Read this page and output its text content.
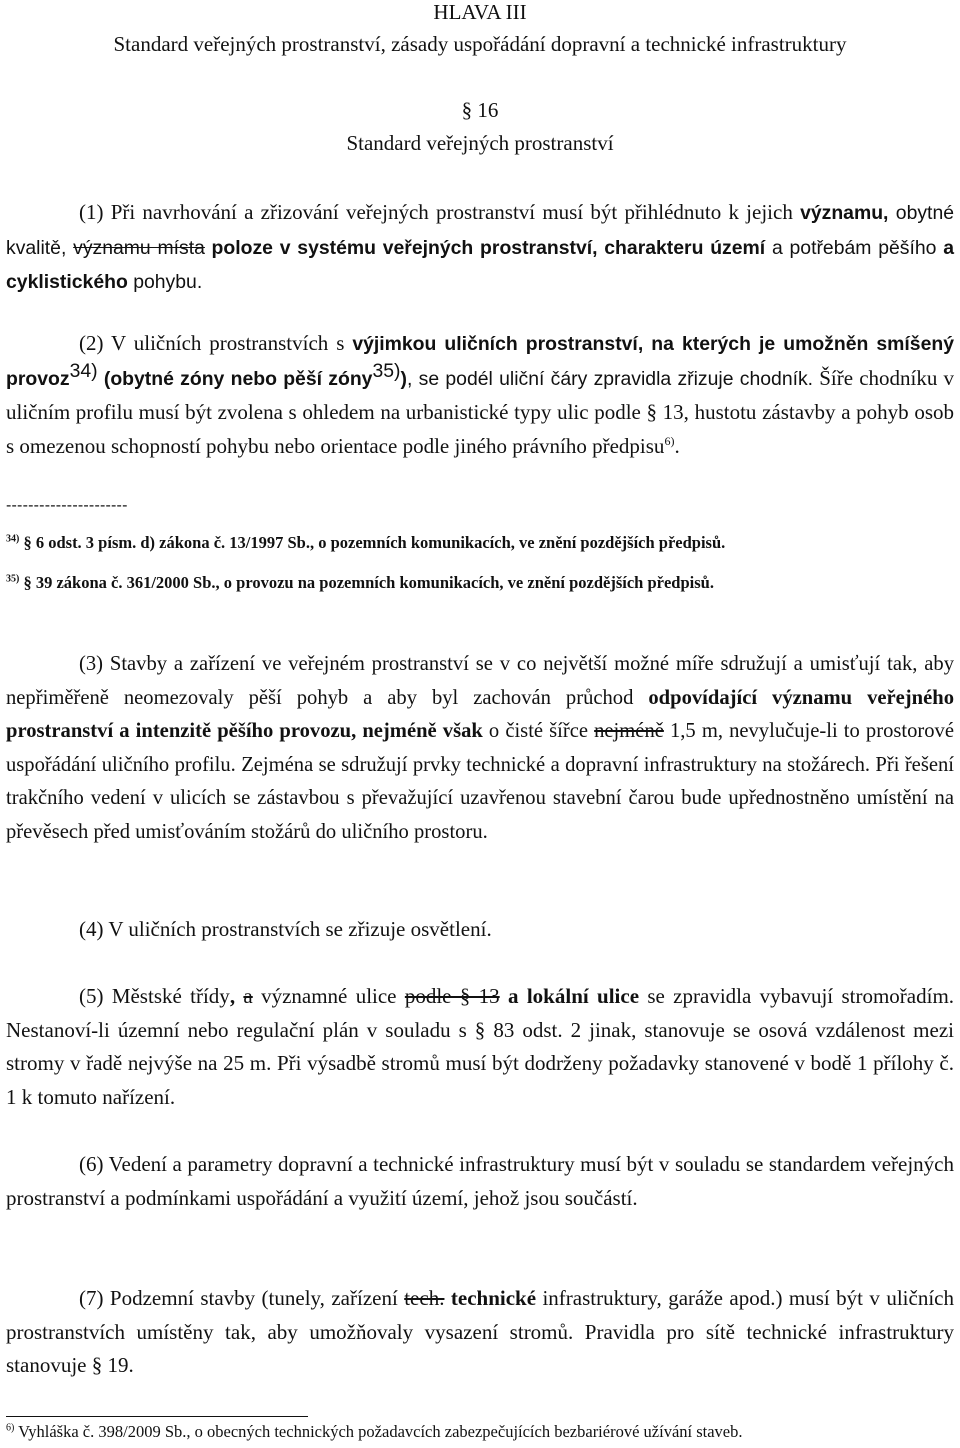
HLAVA III
Standard veřejných prostranství, zásady uspořádání dopravní a technické infrastruktury
§ 16
Standard veřejných prostranství

(1) Při navrhování a zřizování veřejných prostranství musí být přihlédnuto k jejich významu, obytné kvalitě, významu místa poloze v systému veřejných prostranství, charakteru území a potřebám pěšího a cyklistického pohybu.

(2) V uličních prostranstvích s výjimkou uličních prostranství, na kterých je umožněn smíšený provoz$^{34)}$ (obytné zóny nebo pěší zóny$^{35)}$), se podél uliční čáry zpravidla zřizuje chodník. Šíře chodníku v uličním profilu musí být zvolena s ohledem na urbanistické typy ulic podle § 13, hustotu zástavby a pohyb osob s omezenou schopností pohybu nebo orientace podle jiného právního předpisu$^{6)}$.

----------------------
$^{34)}$ § 6 odst. 3 písm. d) zákona č. 13/1997 Sb., o pozemních komunikacích, ve znění pozdějších předpisů.
$^{35)}$ § 39 zákona č. 361/2000 Sb., o provozu na pozemních komunikacích, ve znění pozdějších předpisů.

(3) Stavby a zařízení ve veřejném prostranství se v co největší možné míře sdružují a umisťují tak, aby nepřiměřeně neomezovaly pěší pohyb a aby byl zachován průchod odpovídající významu veřejného prostranství a intenzitě pěšího provozu, nejméně však o čisté šířce nejméně 1,5 m, nevylučuje-li to prostorové uspořádání uličního profilu. Zejména se sdružují prvky technické a dopravní infrastruktury na stožárech. Při řešení trakčního vedení v ulicích se zástavbou s převažující uzavřenou stavební čarou bude upřednostněno umístění na převěsech před umisťováním stožárů do uličního prostoru.

(4) V uličních prostranstvích se zřizuje osvětlení.

(5) Městské třídy, a významné ulice podle § 13 a lokální ulice se zpravidla vybavují stromořadím. Nestanoví-li územní nebo regulační plán v souladu s § 83 odst. 2 jinak, stanovuje se osová vzdálenost mezi stromy v řadě nejvýše na 25 m. Při výsadbě stromů musí být dodrženy požadavky stanovené v bodě 1 přílohy č. 1 k tomuto nařízení.

(6) Vedení a parametry dopravní a technické infrastruktury musí být v souladu se standardem veřejných prostranství a podmínkami uspořádání a využití území, jehož jsou součástí.

(7) Podzemní stavby (tunely, zařízení tech. technické infrastruktury, garáže apod.) musí být v uličních prostranstvích umístěny tak, aby umožňovaly vysazení stromů. Pravidla pro sítě technické infrastruktury stanovuje § 19.

$^{6)}$ Vyhláška č. 398/2009 Sb., o obecných technických požadavcích zabezpečujících bezbariérové užívání staveb.
